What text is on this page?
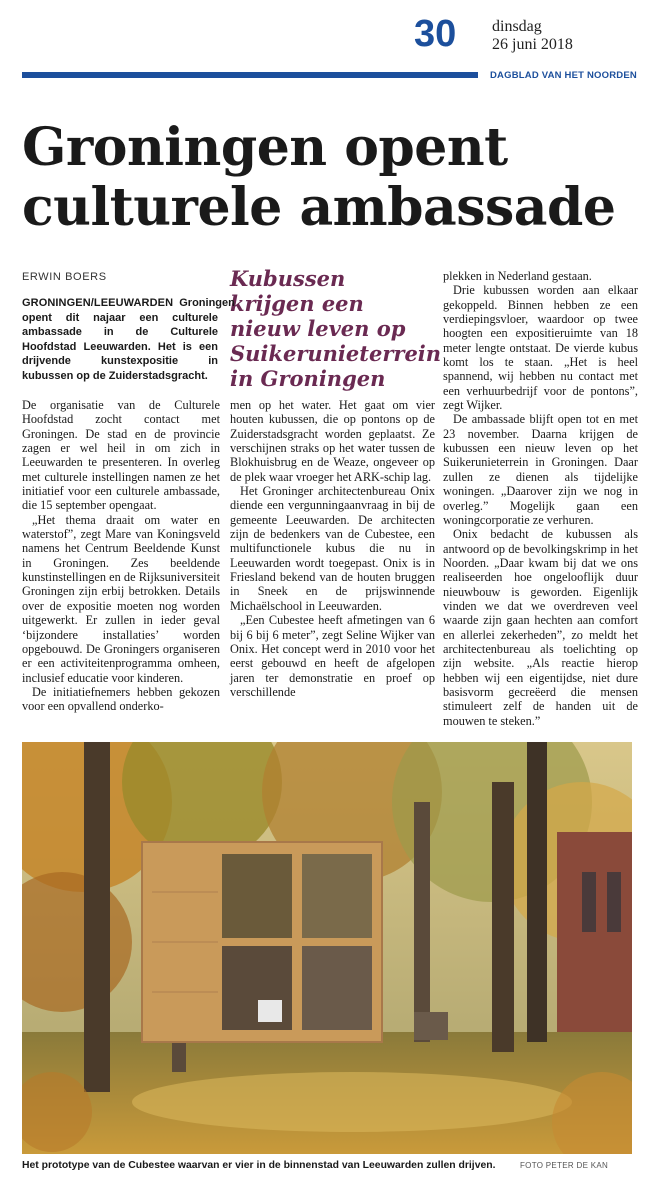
30 dinsdag
26 juni 2018
DAGBLAD VAN HET NOORDEN
Groningen opent
culturele ambassade
ERWIN BOERS	Kubussen krijgen een nieuw leven op Suikerunieterrein in Groningen

GRONINGEN/LEEUWARDEN Groningen opent dit najaar een culturele ambassade in de Culturele Hoofdstad Leeuwarden. Het is een drijvende kunstexpositie in kubussen op de Zuiderstadsgracht.

De organisatie van de Culturele Hoofdstad zocht contact met Groningen. De stad en de provincie zagen er wel heil in om zich in Leeuwarden te presenteren. In overleg met culturele instellingen namen ze het initiatief voor een culturele ambassade, die 15 september opengaat.

„Het thema draait om water en waterstof”, zegt Mare van Koningsveld namens het Centrum Beeldende Kunst in Groningen. Zes beeldende kunstinstellingen en de Rijksuniversiteit Groningen zijn erbij betrokken. Details over de expositie moeten nog worden uitgewerkt. Er zullen in ieder geval ‘bijzondere installaties’ worden opgebouwd. De Groningers organiseren er een activiteitenprogramma omheen, inclusief educatie voor kinderen.

De initiatiefnemers hebben gekozen voor een opvallend onderko-

men op het water. Het gaat om vier houten kubussen, die op pontons op de Zuiderstadsgracht worden geplaatst. Ze verschijnen straks op het water tussen de Blokhuisbrug en de Weaze, ongeveer op de plek waar vroeger het ARK-schip lag.

Het Groninger architectenbureau Onix diende een vergunningaanvraag in bij de gemeente Leeuwarden. De architecten zijn de bedenkers van de Cubestee, een multifunctionele kubus die nu in Leeuwarden wordt toegepast. Onix is in Friesland bekend van de houten bruggen in Sneek en de prijswinnende Michaëlschool in Leeuwarden.

„Een Cubestee heeft afmetingen van 6 bij 6 bij 6 meter”, zegt Seline Wijker van Onix. Het concept werd in 2010 voor het eerst gebouwd en heeft de afgelopen jaren ter demonstratie en proef op verschillende

plekken in Nederland gestaan.

Drie kubussen worden aan elkaar gekoppeld. Binnen hebben ze een verdiepingsvloer, waardoor op twee hoogten een expositieruimte van 18 meter lengte ontstaat. De vierde kubus komt los te staan. „Het is heel spannend, wij hebben nu contact met een verhuurbedrijf voor de pontons”, zegt Wijker.

De ambassade blijft open tot en met 23 november. Daarna krijgen de kubussen een nieuw leven op het Suikerunieterrein in Groningen. Daar zullen ze dienen als tijdelijke woningen. „Daarover zijn we nog in overleg.” Mogelijk gaan een woningcorporatie ze verhuren.

Onix bedacht de kubussen als antwoord op de bevolkingskrimp in het Noorden. „Daar kwam bij dat we ons realiseerden hoe ongelooflijk duur nieuwbouw is geworden. Eigenlijk vinden we dat we overdreven veel waarde zijn gaan hechten aan comfort en allerlei zekerheden”, zo meldt het architectenbureau als toelichting op zijn website. „Als reactie hierop hebben wij een eigentijdse, niet dure basisvorm gecreëerd die mensen stimuleert zelf de handen uit de mouwen te steken.”

Het prototype van de Cubestee waarvan er vier in de binnenstad van Leeuwarden zullen drijven.	FOTO PETER DE KAN
